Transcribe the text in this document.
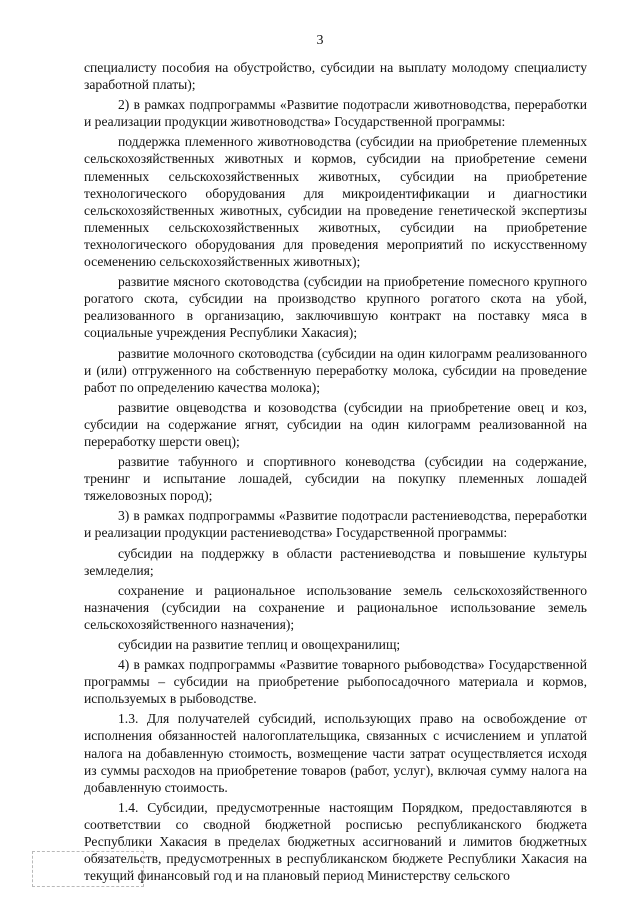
3

специалисту пособия на обустройство, субсидии на выплату молодому специалисту заработной платы);

2) в рамках подпрограммы «Развитие подотрасли животноводства, переработки и реализации продукции животноводства» Государственной программы:

поддержка племенного животноводства (субсидии на приобретение племенных сельскохозяйственных животных и кормов, субсидии на приобретение семени племенных сельскохозяйственных животных, субсидии на приобретение технологического оборудования для микроидентификации и диагностики сельскохозяйственных животных, субсидии на проведение генетической экспертизы племенных сельскохозяйственных животных, субсидии на приобретение технологического оборудования для проведения мероприятий по искусственному осеменению сельскохозяйственных животных);

развитие мясного скотоводства (субсидии на приобретение помесного крупного рогатого скота, субсидии на производство крупного рогатого скота на убой, реализованного в организацию, заключившую контракт на поставку мяса в социальные учреждения Республики Хакасия);

развитие молочного скотоводства (субсидии на один килограмм реализованного и (или) отгруженного на собственную переработку молока, субсидии на проведение работ по определению качества молока);

развитие овцеводства и козоводства (субсидии на приобретение овец и коз, субсидии на содержание ягнят, субсидии на один килограмм реализованной на переработку шерсти овец);

развитие табунного и спортивного коневодства (субсидии на содержание, тренинг и испытание лошадей, субсидии на покупку племенных лошадей тяжеловозных пород);

3) в рамках подпрограммы «Развитие подотрасли растениеводства, переработки и реализации продукции растениеводства» Государственной программы:

субсидии на поддержку в области растениеводства и повышение культуры земледелия;

сохранение и рациональное использование земель сельскохозяйственного назначения (субсидии на сохранение и рациональное использование земель сельскохозяйственного назначения);

субсидии на развитие теплиц и овощехранилищ;

4) в рамках подпрограммы «Развитие товарного рыбоводства» Государственной программы – субсидии на приобретение рыбопосадочного материала и кормов, используемых в рыбоводстве.

1.3. Для получателей субсидий, использующих право на освобождение от исполнения обязанностей налогоплательщика, связанных с исчислением и уплатой налога на добавленную стоимость, возмещение части затрат осуществляется исходя из суммы расходов на приобретение товаров (работ, услуг), включая сумму налога на добавленную стоимость.

1.4. Субсидии, предусмотренные настоящим Порядком, предоставляются в соответствии со сводной бюджетной росписью республиканского бюджета Республики Хакасия в пределах бюджетных ассигнований и лимитов бюджетных обязательств, предусмотренных в республиканском бюджете Республики Хакасия на текущий финансовый год и на плановый период Министерству сельского
